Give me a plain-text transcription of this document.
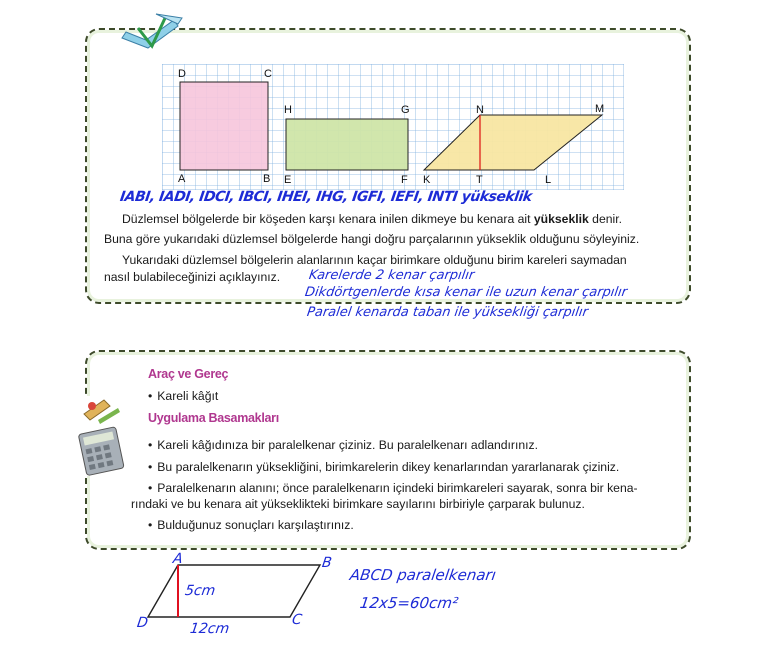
D	C
A	B
H	G
E	F
N	M
K	T	L
IABI, IADI, IDCI, IBCI, IHEI, IHG, IGFI, IEFI, INTI yükseklik
Düzlemsel bölgelerde bir köşeden karşı kenara inilen dikmeye bu kenara ait yükseklik denir.
Buna göre yukarıdaki düzlemsel bölgelerde hangi doğru parçalarının yükseklik olduğunu söyleyiniz.
Yukarıdaki düzlemsel bölgelerin alanlarının kaçar birimkare olduğunu birim kareleri saymadan
nasıl bulabileceğinizi açıklayınız. Karelerde 2 kenar çarpılır
Dikdörtgenlerde kısa kenar ile uzun kenar çarpılır
Paralel kenarda taban ile yüksekliği çarpılır
Araç ve Gereç
• Kareli kâğıt
Uygulama Basamakları
• Kareli kâğıdınıza bir paralelkenar çiziniz. Bu paralelkenarı adlandırınız.
• Bu paralelkenarın yüksekliğini, birimkarelerin dikey kenarlarından yararlanarak çiziniz.
• Paralelkenarın alanını; önce paralelkenarın içindeki birimkareleri sayarak, sonra bir kena-
rındaki ve bu kenara ait yükseklikteki birimkare sayılarını birbiriyle çarparak bulunuz.
• Bulduğunuz sonuçları karşılaştırınız.
A	B
C
D
5cm
12cm
ABCD paralelkenarı
12x5=60cm²
